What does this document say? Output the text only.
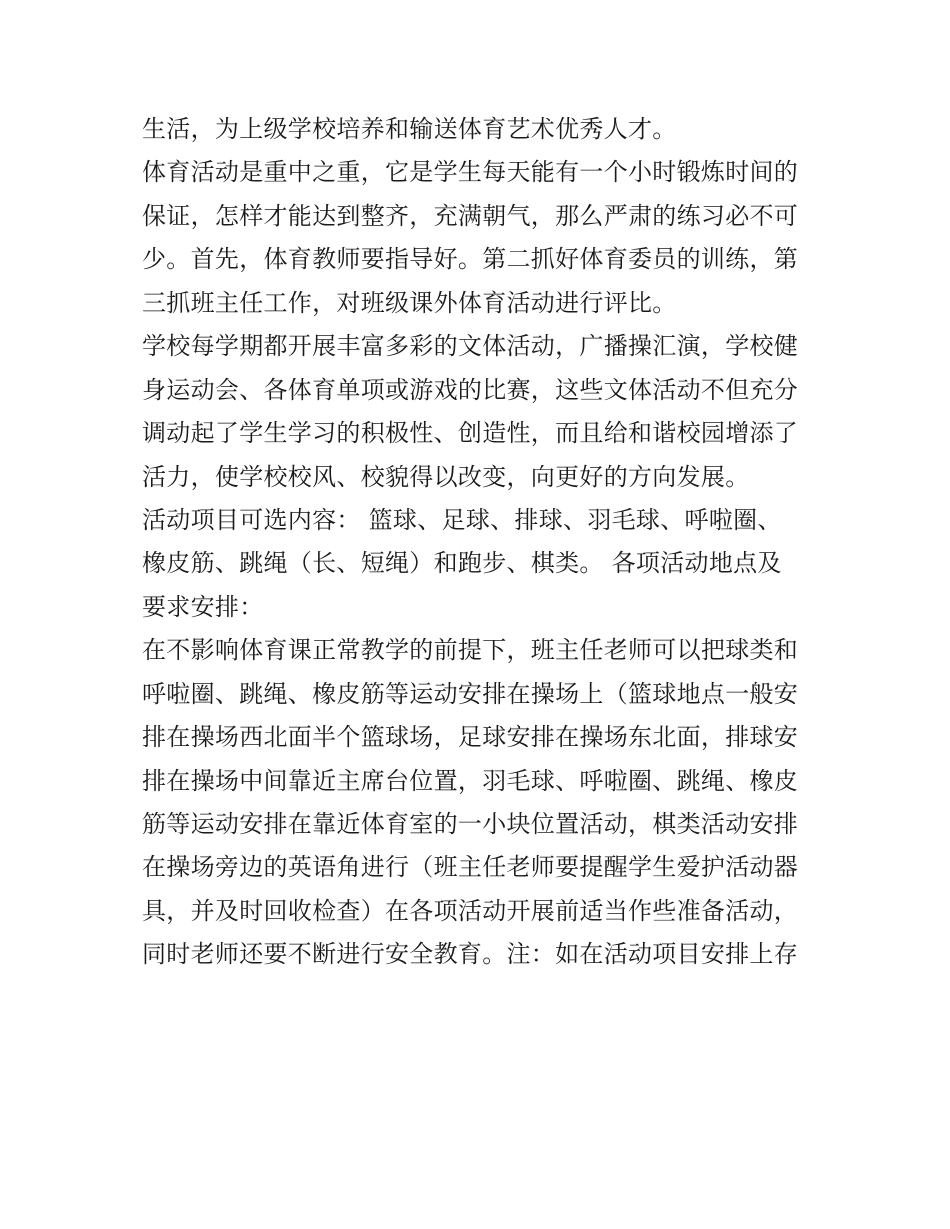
生活，为上级学校培养和输送体育艺术优秀人才。
体育活动是重中之重，它是学生每天能有一个小时锻炼时间的
保证，怎样才能达到整齐，充满朝气，那么严肃的练习必不可
少。首先，体育教师要指导好。第二抓好体育委员的训练，第
三抓班主任工作，对班级课外体育活动进行评比。
学校每学期都开展丰富多彩的文体活动，广播操汇演，学校健
身运动会、各体育单项或游戏的比赛，这些文体活动不但充分
调动起了学生学习的积极性、创造性，而且给和谐校园增添了
活力，使学校校风、校貌得以改变，向更好的方向发展。
活动项目可选内容： 篮球、足球、排球、羽毛球、呼啦圈、
橡皮筋、跳绳（长、短绳）和跑步、棋类。 各项活动地点及
要求安排：
在不影响体育课正常教学的前提下，班主任老师可以把球类和
呼啦圈、跳绳、橡皮筋等运动安排在操场上（篮球地点一般安
排在操场西北面半个篮球场，足球安排在操场东北面，排球安
排在操场中间靠近主席台位置，羽毛球、呼啦圈、跳绳、橡皮
筋等运动安排在靠近体育室的一小块位置活动，棋类活动安排
在操场旁边的英语角进行（班主任老师要提醒学生爱护活动器
具，并及时回收检查）在各项活动开展前适当作些准备活动，
同时老师还要不断进行安全教育。注：如在活动项目安排上存
